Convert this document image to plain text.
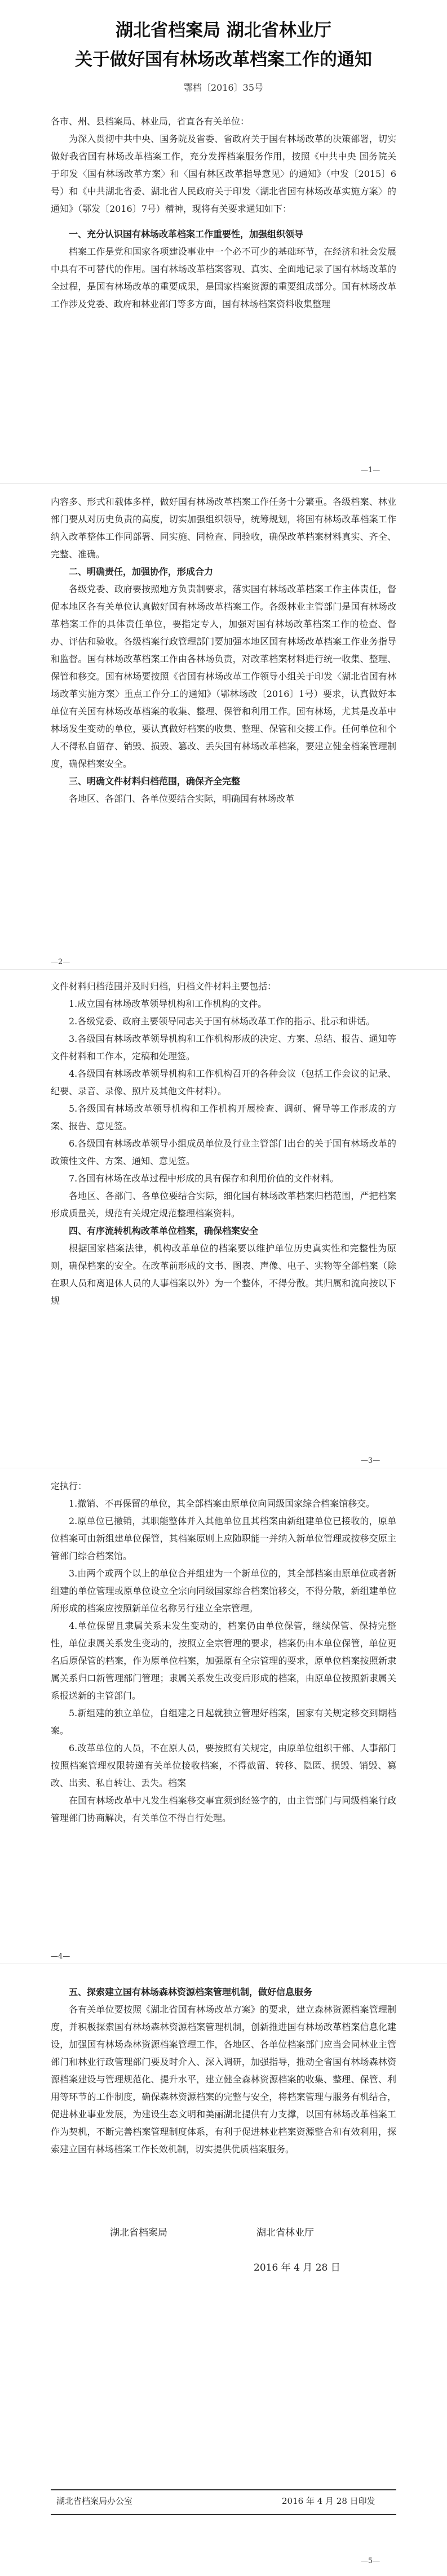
湖北省档案局 湖北省林业厅
关于做好国有林场改革档案工作的通知
鄂档〔2016〕35号

各市、州、县档案局、林业局，省直各有关单位：

为深入贯彻中共中央、国务院及省委、省政府关于国有林场改革的决策部署，切实做好我省国有林场改革档案工作，充分发挥档案服务作用，按照《中共中央 国务院关于印发〈国有林场改革方案〉和〈国有林区改革指导意见〉的通知》（中发〔2015〕6号）和《中共湖北省委、湖北省人民政府关于印发〈湖北省国有林场改革实施方案〉的通知》（鄂发〔2016〕7号）精神，现将有关要求通知如下：

一、充分认识国有林场改革档案工作重要性，加强组织领导

档案工作是党和国家各项建设事业中一个必不可少的基础环节，在经济和社会发展中具有不可替代的作用。国有林场改革档案客观、真实、全面地记录了国有林场改革的全过程，是国有林场改革的重要成果，是国家档案资源的重要组成部分。国有林场改革工作涉及党委、政府和林业部门等多方面，国有林场档案资料收集整理

—1—

内容多、形式和载体多样，做好国有林场改革档案工作任务十分繁重。各级档案、林业部门要从对历史负责的高度，切实加强组织领导，统筹规划，将国有林场改革档案工作纳入改革整体工作同部署、同实施、同检查、同验收，确保改革档案材料真实、齐全、完整、准确。

二、明确责任，加强协作，形成合力

各级党委、政府要按照地方负责制要求，落实国有林场改革档案工作主体责任，督促本地区各有关单位认真做好国有林场改革档案工作。各级林业主管部门是国有林场改革档案工作的具体责任单位，要指定专人，加强对国有林场改革档案工作的检查、督办、评估和验收。各级档案行政管理部门要加强本地区国有林场改革档案工作业务指导和监督。国有林场改革档案工作由各林场负责，对改革档案材料进行统一收集、整理、保管和移交。国有林场要按照《省国有林场改革工作领导小组关于印发〈湖北省国有林场改革实施方案〉重点工作分工的通知》（鄂林场改〔2016〕1号）要求，认真做好本单位有关国有林场改革档案的收集、整理、保管和利用工作。国有林场，尤其是改革中林场发生变动的单位，要认真做好档案的收集、整理、保管和交接工作。任何单位和个人不得私自留存、销毁、损毁、篡改、丢失国有林场改革档案，要建立健全档案管理制度，确保档案安全。

三、明确文件材料归档范围，确保齐全完整

各地区、各部门、各单位要结合实际，明确国有林场改革

—2—

文件材料归档范围并及时归档，归档文件材料主要包括：

1.成立国有林场改革领导机构和工作机构的文件。

2.各级党委、政府主要领导同志关于国有林场改革工作的指示、批示和讲话。

3.各级国有林场改革领导机构和工作机构形成的决定、方案、总结、报告、通知等文件材料和工作本，定稿和处理签。

4.各级国有林场改革领导机构和工作机构召开的各种会议（包括工作会议的记录、纪要、录音、录像、照片及其他文件材料）。

5.各级国有林场改革领导机构和工作机构开展检查、调研、督导等工作形成的方案、报告、意见签。

6.各级国有林场改革领导小组成员单位及行业主管部门出台的关于国有林场改革的政策性文件、方案、通知、意见签。

7.各国有林场在改革过程中形成的具有保存和利用价值的文件材料。

各地区、各部门、各单位要结合实际，细化国有林场改革档案归档范围，严把档案形成质量关，规范有关规定规范整理档案资料。

四、有序流转机构改革单位档案，确保档案安全

根据国家档案法律，机构改革单位的档案要以维护单位历史真实性和完整性为原则，确保档案的安全。在改革前形成的文书、图表、声像、电子、实物等全部档案（除在职人员和离退休人员的人事档案以外）为一个整体，不得分散。其归属和流向按以下规

—3—

定执行：

1.撤销、不再保留的单位，其全部档案由原单位向同级国家综合档案馆移交。

2.原单位已撤销，其职能整体并入其他单位且其档案由新组建单位已接收的，原单位档案可由新组建单位保管，其档案原则上应随职能一并纳入新单位管理或按移交原主管部门综合档案馆。

3.由两个或两个以上的单位合并组建为一个新单位的，其全部档案由原单位或者新组建的单位管理或原单位设立全宗向同级国家综合档案馆移交，不得分散，新组建单位所形成的档案应按照新单位名称另行建立全宗管理。

4.单位保留且隶属关系未发生变动的，档案仍由单位保管，继续保管、保持完整性，单位隶属关系发生变动的，按照立全宗管理的要求，档案仍由本单位保管，单位更名后原保管的档案，作为原单位档案，加强原有全宗管理的要求，原单位档案按照新隶属关系归口新管理部门管理；隶属关系发生改变后形成的档案，由原单位按照新隶属关系报送新的主管部门。

5.新组建的独立单位，自组建之日起就独立管理好档案，国家有关规定移交到期档案。

6.改革单位的人员，不在原人员，要按照有关规定，由原单位组织干部、人事部门按照档案管理权限转递有关单位接收档案，不得截留、转移、隐匿、损毁、销毁、篡改、出卖、私自转让、丢失。档案

在国有林场改革中凡发生档案移交事宜须到经签字的，由主管部门与同级档案行政管理部门协商解决，有关单位不得自行处理。

—4—

五、探索建立国有林场森林资源档案管理机制，做好信息服务

各有关单位要按照《湖北省国有林场改革方案》的要求，建立森林资源档案管理制度，并积极探索国有林场森林资源档案管理机制，创新推进国有林场改革档案信息化建设，加强国有林场森林资源档案管理工作，各地区、各单位档案部门应当会同林业主管部门和林业行政管理部门要及时介入、深入调研，加强指导，推动全省国有林场森林资源档案建设与管理规范化、提升水平，建立健全森林资源档案的收集、整理、保管、利用等环节的工作制度，确保森林资源档案的完整与安全，将档案管理与服务有机结合，促进林业事业发展，为建设生态文明和美丽湖北提供有力支撑，以国有林场改革档案工作为契机，不断完善档案管理制度体系，有利于促进林业档案资源整合和有效利用，探索建立国有林场档案工作长效机制，切实提供优质档案服务。

湖北省档案局	湖北省林业厅
2016 年 4 月 28 日
湖北省档案局办公室	2016 年 4 月 28 日印发
—5—
